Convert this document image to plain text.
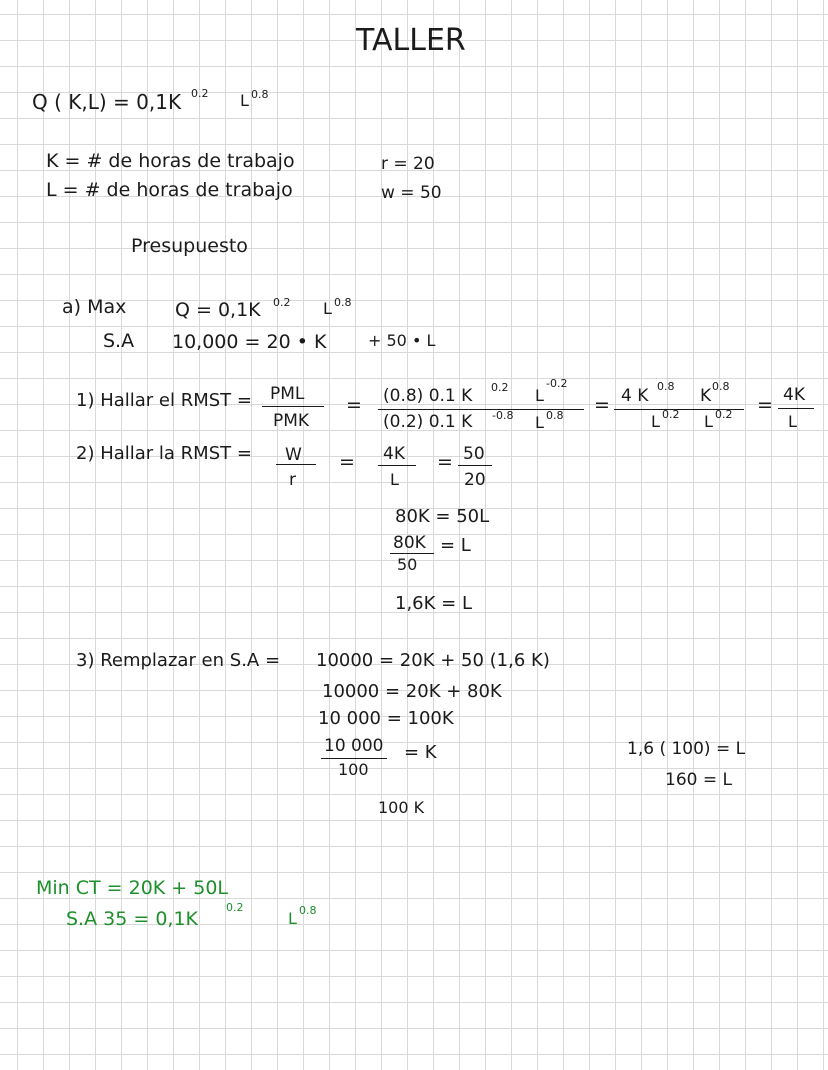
TALLER
Q ( K,L) = 0,1K 0.2 L 0.8
K = # de horas de trabajo
L = # de horas de trabajo
r = 20
w = 50
Presupuesto
a) Max	Q = 0,1K 0.2 L 0.8
S.A 10,000 = 20 • K	+ 50 • L
1) Hallar el RMST = PML
PMK
= (0.8) 0.1 K 0.2 L
-0.2
(0.2) 0.1 K -0.8 L 0.8 = 4 K 0.8 K 0.8
L 0.2 L 0.2 = 4K
L
2) Hallar la RMST = W
r
= 4K
L
= 50
20
80K = 50L
80K
50
= L
1,6K = L
3) Remplazar en S.A = 10000 = 20K + 50 (1,6 K)
10000 = 20K + 80K
10 000 = 100K
10 000
100
= K
100 K
1,6 ( 100) = L
160 = L
Min CT = 20K + 50L
S.A 35 = 0,1K
0.2
L 0.8
